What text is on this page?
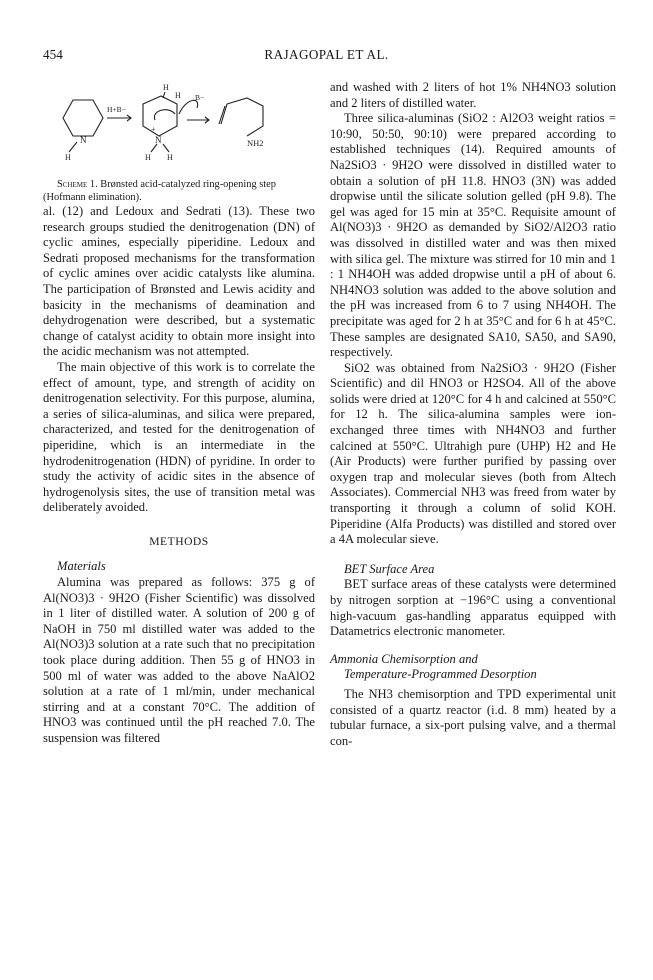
454	RAJAGOPAL ET AL.
N
H
H+B−
H
H B−
+
N
H H
NH2

Scheme 1. Brønsted acid-catalyzed ring-opening step (Hofmann elimination).

al. (12) and Ledoux and Sedrati (13). These two research groups studied the denitrogenation (DN) of cyclic amines, especially piperidine. Ledoux and Sedrati proposed mechanisms for the transformation of cyclic amines over acidic catalysts like alumina. The participation of Brønsted and Lewis acidity and basicity in the mechanisms of deamination and dehydrogenation were described, but a systematic change of catalyst acidity to obtain more insight into the acidic mechanism was not attempted.

The main objective of this work is to correlate the effect of amount, type, and strength of acidity on denitrogenation selectivity. For this purpose, alumina, a series of silica-aluminas, and silica were prepared, characterized, and tested for the denitrogenation of piperidine, which is an intermediate in the hydrodenitrogenation (HDN) of pyridine. In order to study the activity of acidic sites in the absence of hydrogenolysis sites, the use of transition metal was deliberately avoided.

METHODS

Materials

Alumina was prepared as follows: 375 g of Al(NO3)3 · 9H2O (Fisher Scientific) was dissolved in 1 liter of distilled water. A solution of 200 g of NaOH in 750 ml distilled water was added to the Al(NO3)3 solution at a rate such that no precipitation took place during addition. Then 55 g of HNO3 in 500 ml of water was added to the above NaAlO2 solution at a rate of 1 ml/min, under mechanical stirring and at a constant 70°C. The addition of HNO3 was continued until the pH reached 7.0. The suspension was filtered

and washed with 2 liters of hot 1% NH4NO3 solution and 2 liters of distilled water.

Three silica-aluminas (SiO2 : Al2O3 weight ratios = 10:90, 50:50, 90:10) were prepared according to established techniques (14). Required amounts of Na2SiO3 · 9H2O were dissolved in distilled water to obtain a solution of pH 11.8. HNO3 (3N) was added dropwise until the silicate solution gelled (pH 9.8). The gel was aged for 15 min at 35°C. Requisite amount of Al(NO3)3 · 9H2O as demanded by SiO2/Al2O3 ratio was dissolved in distilled water and was then mixed with silica gel. The mixture was stirred for 10 min and 1 : 1 NH4OH was added dropwise until a pH of about 6. NH4NO3 solution was added to the above solution and the pH was increased from 6 to 7 using NH4OH. The precipitate was aged for 2 h at 35°C and for 6 h at 45°C. These samples are designated SA10, SA50, and SA90, respectively.

SiO2 was obtained from Na2SiO3 · 9H2O (Fisher Scientific) and dil HNO3 or H2SO4. All of the above solids were dried at 120°C for 4 h and calcined at 550°C for 12 h. The silica-alumina samples were ion-exchanged three times with NH4NO3 and further calcined at 550°C. Ultrahigh pure (UHP) H2 and He (Air Products) were further purified by passing over oxygen trap and molecular sieves (both from Altech Associates). Commercial NH3 was freed from water by transporting it through a column of solid KOH. Piperidine (Alfa Products) was distilled and stored over a 4A molecular sieve.

BET Surface Area

BET surface areas of these catalysts were determined by nitrogen sorption at −196°C using a conventional high-vacuum gas-handling apparatus equipped with Datametrics electronic manometer.

Ammonia Chemisorption and
Temperature-Programmed Desorption

The NH3 chemisorption and TPD experimental unit consisted of a quartz reactor (i.d. 8 mm) heated by a tubular furnace, a six-port pulsing valve, and a thermal con-
